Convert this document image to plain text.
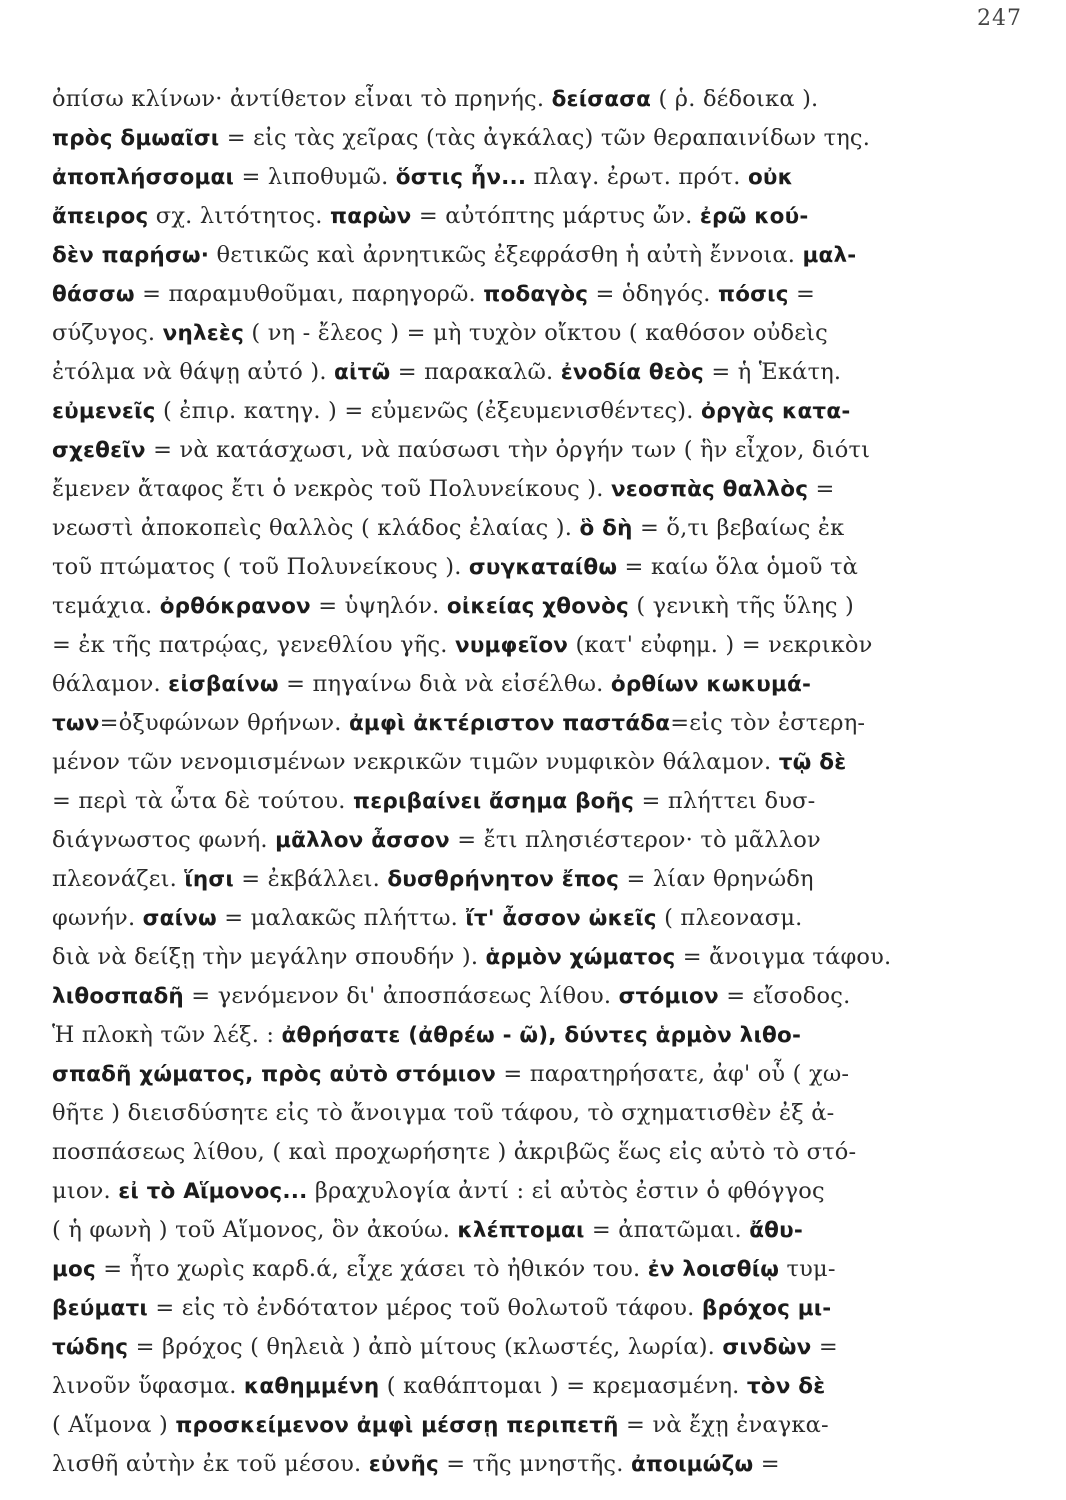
247
ὀπίσω κλίνων· ἀντίθετον εἶναι τὸ πρηνής. δείσασα ( ῥ. δέδοικα ).
πρὸς δμωαῖσι = εἰς τὰς χεῖρας (τὰς ἀγκάλας) τῶν θεραπαινίδων της.
ἀποπλήσσομαι = λιποθυμῶ. ὅστις ἦν... πλαγ. ἐρωτ. πρότ. οὐκ
ἄπειρος σχ. λιτότητος. παρὼν = αὐτόπτης μάρτυς ὤν. ἐρῶ κού-
δὲν παρήσω· θετικῶς καὶ ἀρνητικῶς ἐξεφράσθη ἡ αὐτὴ ἔννοια. μαλ-
θάσσω = παραμυθοῦμαι, παρηγορῶ. ποδαγὸς = ὁδηγός. πόσις =
σύζυγος. νηλεὲς ( νη - ἔλεος ) = μὴ τυχὸν οἴκτου ( καθόσον οὐδεὶς
ἐτόλμα νὰ θάψῃ αὐτό ). αἰτῶ = παρακαλῶ. ἐνοδία θεὸς = ἡ Ἑκάτη.
εὐμενεῖς ( ἐπιρ. κατηγ. ) = εὐμενῶς (ἐξευμενισθέντες). ὀργὰς κατα-
σχεθεῖν = νὰ κατάσχωσι, νὰ παύσωσι τὴν ὀργήν των ( ἣν εἶχον, διότι
ἔμενεν ἄταφος ἔτι ὁ νεκρὸς τοῦ Πολυνείκους ). νεοσπὰς θαλλὸς =
νεωστὶ ἀποκοπεὶς θαλλὸς ( κλάδος ἐλαίας ). ὃ δὴ = ὅ,τι βεβαίως ἐκ
τοῦ πτώματος ( τοῦ Πολυνείκους ). συγκαταίθω = καίω ὅλα ὁμοῦ τὰ
τεμάχια. ὀρθόκρανον = ὑψηλόν. οἰκείας χθονὸς ( γενικὴ τῆς ὕλης )
= ἐκ τῆς πατρῴας, γενεθλίου γῆς. νυμφεῖον (κατ' εὐφημ. ) = νεκρικὸν
θάλαμον. εἰσβαίνω = πηγαίνω διὰ νὰ εἰσέλθω. ὀρθίων κωκυμά-
των=ὀξυφώνων θρήνων. ἀμφὶ ἀκτέριστον παστάδα=εἰς τὸν ἐστερη-
μένον τῶν νενομισμένων νεκρικῶν τιμῶν νυμφικὸν θάλαμον. τῷ δὲ
= περὶ τὰ ὦτα δὲ τούτου. περιβαίνει ἄσημα βοῆς = πλήττει δυσ-
διάγνωστος φωνή. μᾶλλον ἆσσον = ἔτι πλησιέστερον· τὸ μᾶλλον
πλεονάζει. ἵησι = ἐκβάλλει. δυσθρήνητον ἔπος = λίαν θρηνώδη
φωνήν. σαίνω = μαλακῶς πλήττω. ἴτ' ἆσσον ὠκεῖς ( πλεονασμ.
διὰ νὰ δείξῃ τὴν μεγάλην σπουδήν ). ἁρμὸν χώματος = ἄνοιγμα τάφου.
λιθοσπαδῆ = γενόμενον δι' ἀποσπάσεως λίθου. στόμιον = εἴσοδος.
Ἡ πλοκὴ τῶν λέξ. : ἀθρήσατε (ἀθρέω - ῶ), δύντες ἁρμὸν λιθο-
σπαδῆ χώματος, πρὸς αὐτὸ στόμιον = παρατηρήσατε, ἀφ' οὗ ( χω-
θῆτε ) διεισδύσητε εἰς τὸ ἄνοιγμα τοῦ τάφου, τὸ σχηματισθὲν ἐξ ἀ-
ποσπάσεως λίθου, ( καὶ προχωρήσητε ) ἀκριβῶς ἕως εἰς αὐτὸ τὸ στό-
μιον. εἰ τὸ Αἵμονος... βραχυλογία ἀντί : εἰ αὐτὸς ἐστιν ὁ φθόγγος
( ἡ φωνὴ ) τοῦ Αἵμονος, ὃν ἀκούω. κλέπτομαι = ἀπατῶμαι. ἄθυ-
μος = ἦτο χωρὶς καρδ.ά, εἶχε χάσει τὸ ἠθικόν του. ἐν λοισθίῳ τυμ-
βεύματι = εἰς τὸ ἐνδότατον μέρος τοῦ θολωτοῦ τάφου. βρόχος μι-
τώδης = βρόχος ( θηλειὰ ) ἀπὸ μίτους (κλωστές, λωρία). σινδὼν =
λινοῦν ὕφασμα. καθημμένη ( καθάπτομαι ) = κρεμασμένη. τὸν δὲ
( Αἵμονα ) προσκείμενον ἀμφὶ μέσσῃ περιπετῆ = νὰ ἔχῃ ἐναγκα-
λισθῆ αὐτὴν ἐκ τοῦ μέσου. εὐνῆς = τῆς μνηστῆς. ἀποιμώζω =
